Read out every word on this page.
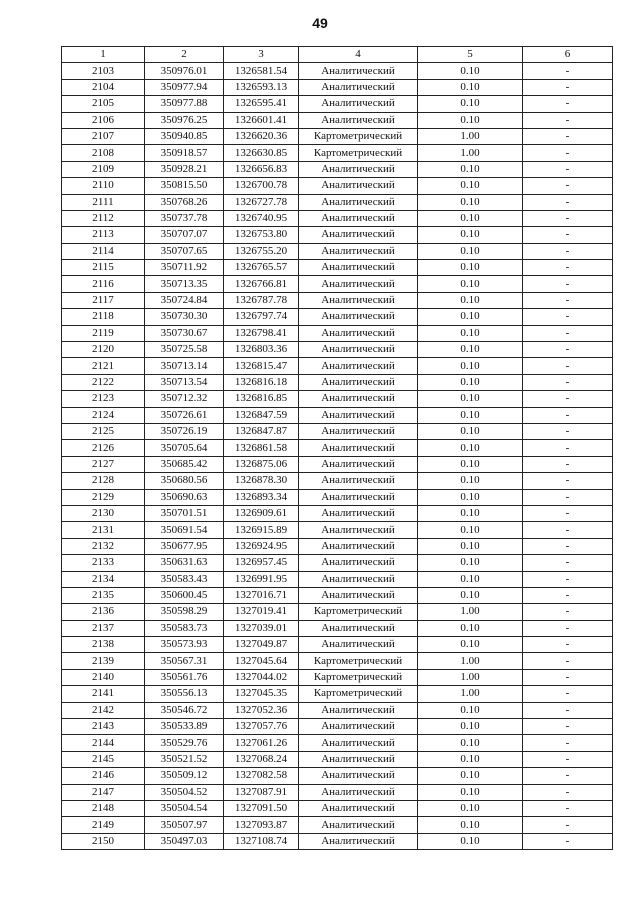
49
1	2	3	4	5	6
2103	350976.01	1326581.54	Аналитический	0.10	-
2104	350977.94	1326593.13	Аналитический	0.10	-
2105	350977.88	1326595.41	Аналитический	0.10	-
2106	350976.25	1326601.41	Аналитический	0.10	-
2107	350940.85	1326620.36	Картометрический	1.00	-
2108	350918.57	1326630.85	Картометрический	1.00	-
2109	350928.21	1326656.83	Аналитический	0.10	-
2110	350815.50	1326700.78	Аналитический	0.10	-
2111	350768.26	1326727.78	Аналитический	0.10	-
2112	350737.78	1326740.95	Аналитический	0.10	-
2113	350707.07	1326753.80	Аналитический	0.10	-
2114	350707.65	1326755.20	Аналитический	0.10	-
2115	350711.92	1326765.57	Аналитический	0.10	-
2116	350713.35	1326766.81	Аналитический	0.10	-
2117	350724.84	1326787.78	Аналитический	0.10	-
2118	350730.30	1326797.74	Аналитический	0.10	-
2119	350730.67	1326798.41	Аналитический	0.10	-
2120	350725.58	1326803.36	Аналитический	0.10	-
2121	350713.14	1326815.47	Аналитический	0.10	-
2122	350713.54	1326816.18	Аналитический	0.10	-
2123	350712.32	1326816.85	Аналитический	0.10	-
2124	350726.61	1326847.59	Аналитический	0.10	-
2125	350726.19	1326847.87	Аналитический	0.10	-
2126	350705.64	1326861.58	Аналитический	0.10	-
2127	350685.42	1326875.06	Аналитический	0.10	-
2128	350680.56	1326878.30	Аналитический	0.10	-
2129	350690.63	1326893.34	Аналитический	0.10	-
2130	350701.51	1326909.61	Аналитический	0.10	-
2131	350691.54	1326915.89	Аналитический	0.10	-
2132	350677.95	1326924.95	Аналитический	0.10	-
2133	350631.63	1326957.45	Аналитический	0.10	-
2134	350583.43	1326991.95	Аналитический	0.10	-
2135	350600.45	1327016.71	Аналитический	0.10	-
2136	350598.29	1327019.41	Картометрический	1.00	-
2137	350583.73	1327039.01	Аналитический	0.10	-
2138	350573.93	1327049.87	Аналитический	0.10	-
2139	350567.31	1327045.64	Картометрический	1.00	-
2140	350561.76	1327044.02	Картометрический	1.00	-
2141	350556.13	1327045.35	Картометрический	1.00	-
2142	350546.72	1327052.36	Аналитический	0.10	-
2143	350533.89	1327057.76	Аналитический	0.10	-
2144	350529.76	1327061.26	Аналитический	0.10	-
2145	350521.52	1327068.24	Аналитический	0.10	-
2146	350509.12	1327082.58	Аналитический	0.10	-
2147	350504.52	1327087.91	Аналитический	0.10	-
2148	350504.54	1327091.50	Аналитический	0.10	-
2149	350507.97	1327093.87	Аналитический	0.10	-
2150	350497.03	1327108.74	Аналитический	0.10	-
